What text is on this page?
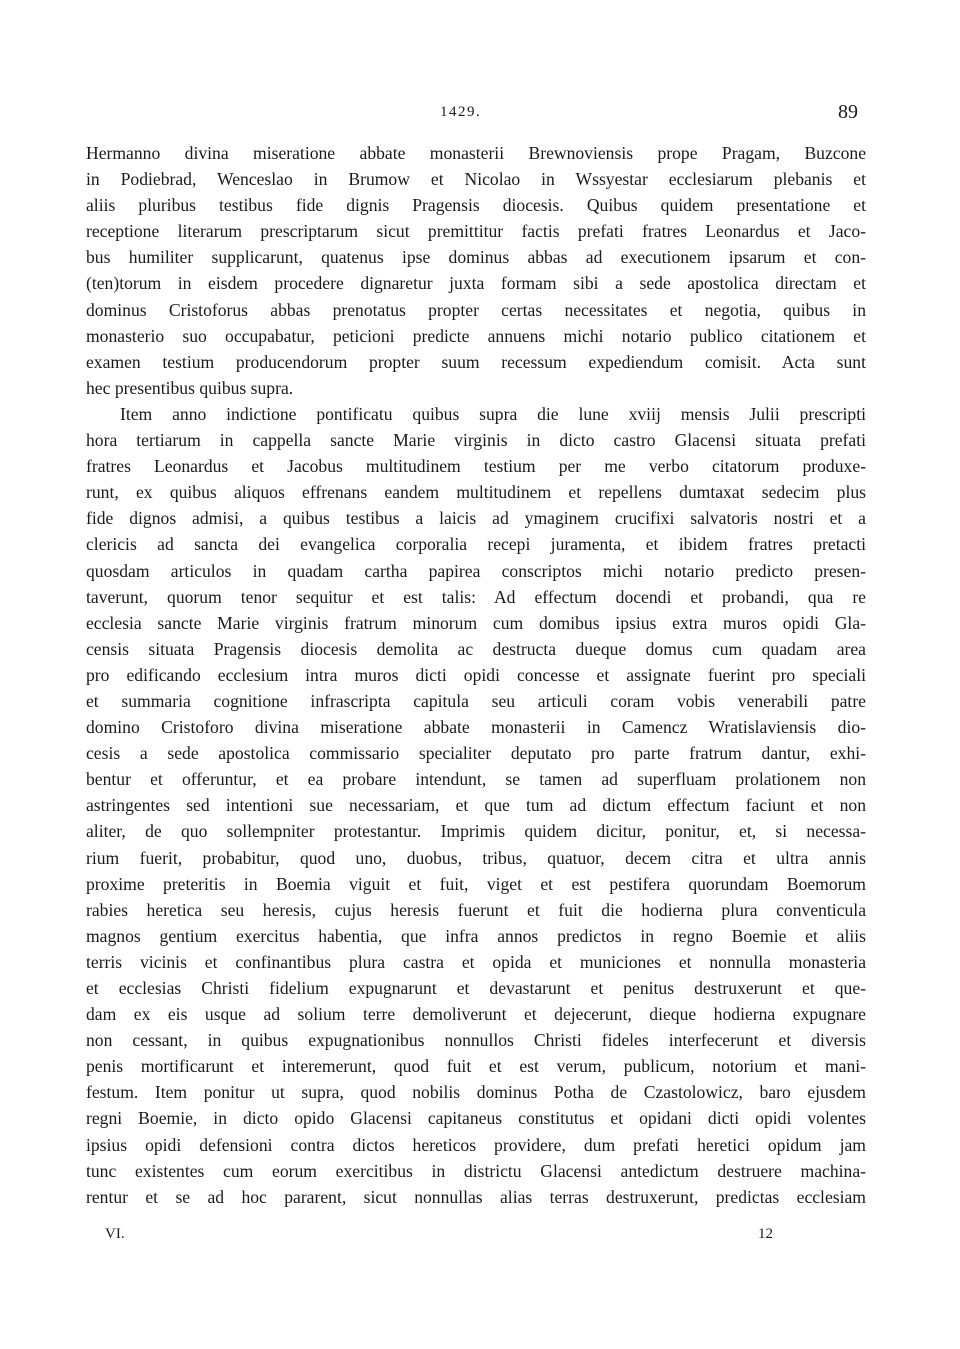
1429.	89
Hermanno divina miseratione abbate monasterii Brewnoviensis prope Pragam, Buzcone
in Podiebrad, Wenceslao in Brumow et Nicolao in Wssyestar ecclesiarum plebanis et
aliis pluribus testibus fide dignis Pragensis diocesis. Quibus quidem presentatione et
receptione literarum prescriptarum sicut premittitur factis prefati fratres Leonardus et Jaco-
bus humiliter supplicarunt, quatenus ipse dominus abbas ad executionem ipsarum et con-
(ten)torum in eisdem procedere dignaretur juxta formam sibi a sede apostolica directam et
dominus Cristoforus abbas prenotatus propter certas necessitates et negotia, quibus in
monasterio suo occupabatur, peticioni predicte annuens michi notario publico citationem et
examen testium producendorum propter suum recessum expediendum comisit. Acta sunt
hec presentibus quibus supra.
Item anno indictione pontificatu quibus supra die lune xviij mensis Julii prescripti
hora tertiarum in cappella sancte Marie virginis in dicto castro Glacensi situata prefati
fratres Leonardus et Jacobus multitudinem testium per me verbo citatorum produxe-
runt, ex quibus aliquos effrenans eandem multitudinem et repellens dumtaxat sedecim plus
fide dignos admisi, a quibus testibus a laicis ad ymaginem crucifixi salvatoris nostri et a
clericis ad sancta dei evangelica corporalia recepi juramenta, et ibidem fratres pretacti
quosdam articulos in quadam cartha papirea conscriptos michi notario predicto presen-
taverunt, quorum tenor sequitur et est talis: Ad effectum docendi et probandi, qua re
ecclesia sancte Marie virginis fratrum minorum cum domibus ipsius extra muros opidi Gla-
censis situata Pragensis diocesis demolita ac destructa dueque domus cum quadam area
pro edificando ecclesium intra muros dicti opidi concesse et assignate fuerint pro speciali
et summaria cognitione infrascripta capitula seu articuli coram vobis venerabili patre
domino Cristoforo divina miseratione abbate monasterii in Camencz Wratislaviensis dio-
cesis a sede apostolica commissario specialiter deputato pro parte fratrum dantur, exhi-
bentur et offeruntur, et ea probare intendunt, se tamen ad superfluam prolationem non
astringentes sed intentioni sue necessariam, et que tum ad dictum effectum faciunt et non
aliter, de quo sollempniter protestantur. Imprimis quidem dicitur, ponitur, et, si necessa-
rium fuerit, probabitur, quod uno, duobus, tribus, quatuor, decem citra et ultra annis
proxime preteritis in Boemia viguit et fuit, viget et est pestifera quorundam Boemorum
rabies heretica seu heresis, cujus heresis fuerunt et fuit die hodierna plura conventicula
magnos gentium exercitus habentia, que infra annos predictos in regno Boemie et aliis
terris vicinis et confinantibus plura castra et opida et municiones et nonnulla monasteria
et ecclesias Christi fidelium expugnarunt et devastarunt et penitus destruxerunt et que-
dam ex eis usque ad solium terre demoliverunt et dejecerunt, dieque hodierna expugnare
non cessant, in quibus expugnationibus nonnullos Christi fideles interfecerunt et diversis
penis mortificarunt et interemerunt, quod fuit et est verum, publicum, notorium et mani-
festum. Item ponitur ut supra, quod nobilis dominus Potha de Czastolowicz, baro ejusdem
regni Boemie, in dicto opido Glacensi capitaneus constitutus et opidani dicti opidi volentes
ipsius opidi defensioni contra dictos hereticos providere, dum prefati heretici opidum jam
tunc existentes cum eorum exercitibus in districtu Glacensi antedictum destruere machina-
rentur et se ad hoc pararent, sicut nonnullas alias terras destruxerunt, predictas ecclesiam
VI.	12
